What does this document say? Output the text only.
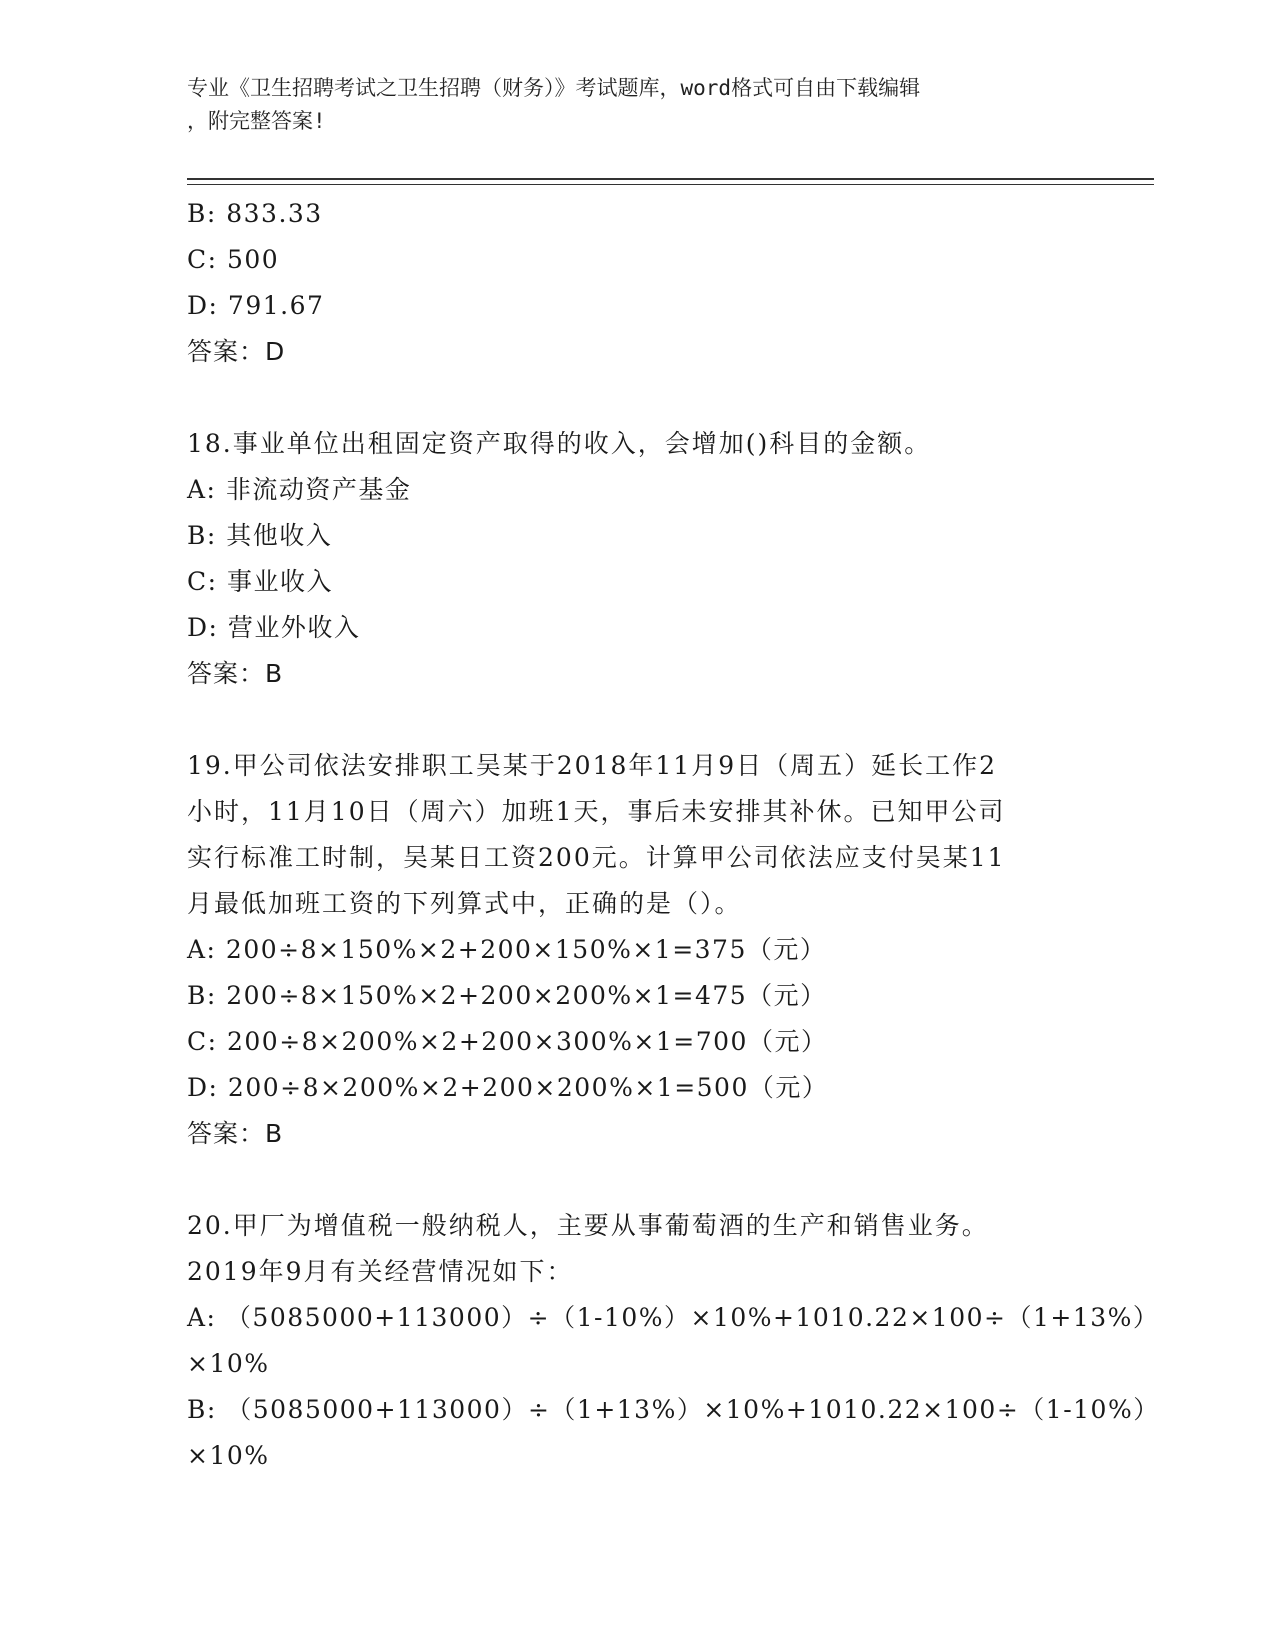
专业《卫生招聘考试之卫生招聘（财务）》考试题库，word格式可自由下载编辑
，附完整答案!
B: 833.33
C: 500
D: 791.67
答案：D
18.事业单位出租固定资产取得的收入，会增加()科目的金额。
A: 非流动资产基金
B: 其他收入
C: 事业收入
D: 营业外收入
答案：B
19.甲公司依法安排职工吴某于2018年11月9日（周五）延长工作2
小时，11月10日（周六）加班1天，事后未安排其补休。已知甲公司
实行标准工时制，吴某日工资200元。计算甲公司依法应支付吴某11
月最低加班工资的下列算式中，正确的是（）。
A: 200÷8×150%×2+200×150%×1=375（元）
B: 200÷8×150%×2+200×200%×1=475（元）
C: 200÷8×200%×2+200×300%×1=700（元）
D: 200÷8×200%×2+200×200%×1=500（元）
答案：B
20.甲厂为增值税一般纳税人，主要从事葡萄酒的生产和销售业务。
2019年9月有关经营情况如下：
A: （5085000+113000）÷（1-10%）×10%+1010.22×100÷（1+13%）
×10%
B: （5085000+113000）÷（1+13%）×10%+1010.22×100÷（1-10%）
×10%
